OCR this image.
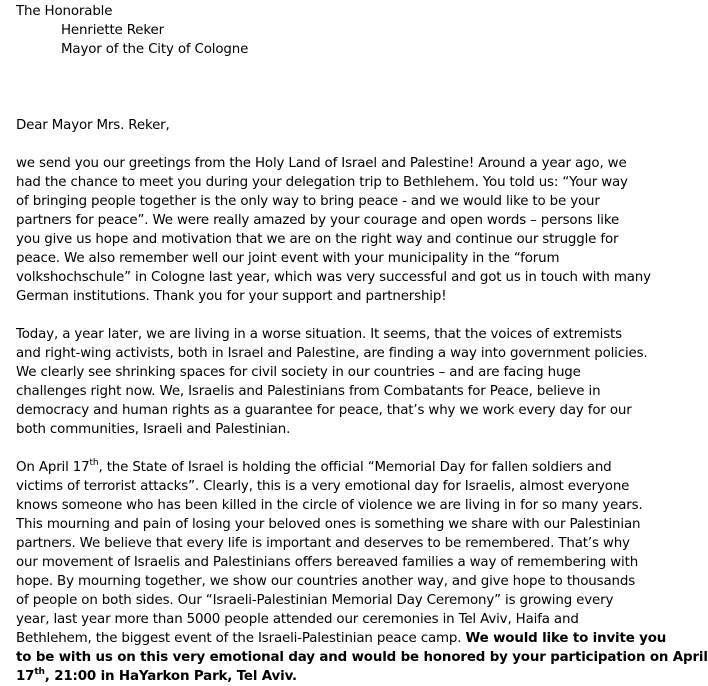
The Honorable
Henriette Reker
Mayor of the City of Cologne
Dear Mayor Mrs. Reker,
we send you our greetings from the Holy Land of Israel and Palestine! Around a year ago, we
had the chance to meet you during your delegation trip to Bethlehem. You told us: “Your way
of bringing people together is the only way to bring peace - and we would like to be your
partners for peace”. We were really amazed by your courage and open words – persons like
you give us hope and motivation that we are on the right way and continue our struggle for
peace. We also remember well our joint event with your municipality in the “forum
volkshochschule” in Cologne last year, which was very successful and got us in touch with many
German institutions. Thank you for your support and partnership!
Today, a year later, we are living in a worse situation. It seems, that the voices of extremists
and right-wing activists, both in Israel and Palestine, are finding a way into government policies.
We clearly see shrinking spaces for civil society in our countries – and are facing huge
challenges right now. We, Israelis and Palestinians from Combatants for Peace, believe in
democracy and human rights as a guarantee for peace, that’s why we work every day for our
both communities, Israeli and Palestinian.
On April 17th, the State of Israel is holding the official “Memorial Day for fallen soldiers and
victims of terrorist attacks”. Clearly, this is a very emotional day for Israelis, almost everyone
knows someone who has been killed in the circle of violence we are living in for so many years.
This mourning and pain of losing your beloved ones is something we share with our Palestinian
partners. We believe that every life is important and deserves to be remembered. That’s why
our movement of Israelis and Palestinians offers bereaved families a way of remembering with
hope. By mourning together, we show our countries another way, and give hope to thousands
of people on both sides. Our “Israeli-Palestinian Memorial Day Ceremony” is growing every
year, last year more than 5000 people attended our ceremonies in Tel Aviv, Haifa and
Bethlehem, the biggest event of the Israeli-Palestinian peace camp. We would like to invite you
to be with us on this very emotional day and would be honored by your participation on April
17th, 21:00 in HaYarkon Park, Tel Aviv.
